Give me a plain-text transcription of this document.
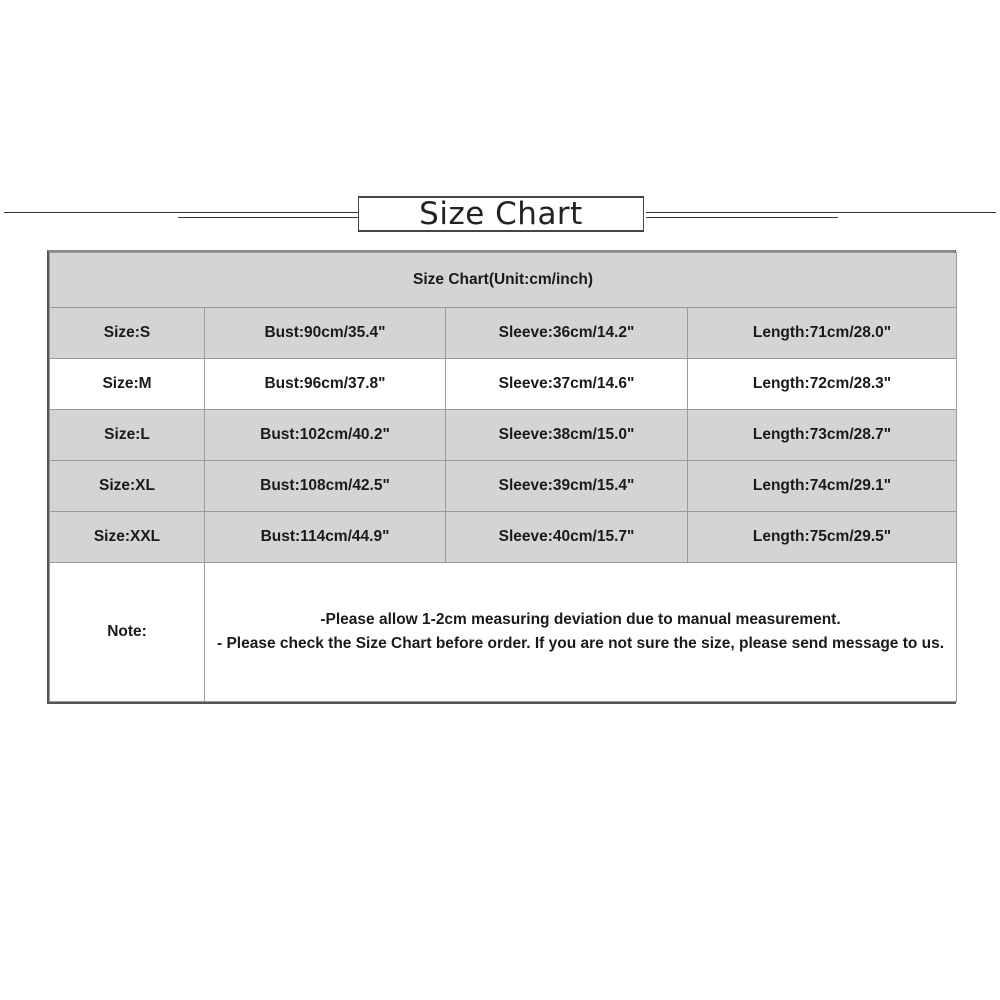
Size Chart
Size Chart(Unit:cm/inch)			
Size:S	Bust:90cm/35.4"	Sleeve:36cm/14.2"	Length:71cm/28.0"
Size:M	Bust:96cm/37.8"	Sleeve:37cm/14.6"	Length:72cm/28.3"
Size:L	Bust:102cm/40.2"	Sleeve:38cm/15.0"	Length:73cm/28.7"
Size:XL	Bust:108cm/42.5"	Sleeve:39cm/15.4"	Length:74cm/29.1"
Size:XXL	Bust:114cm/44.9"	Sleeve:40cm/15.7"	Length:75cm/29.5"
Note:	-Please allow 1-2cm measuring deviation due to manual measurement.
- Please check the Size Chart before order. If you are not sure the size, please send message to us.		
